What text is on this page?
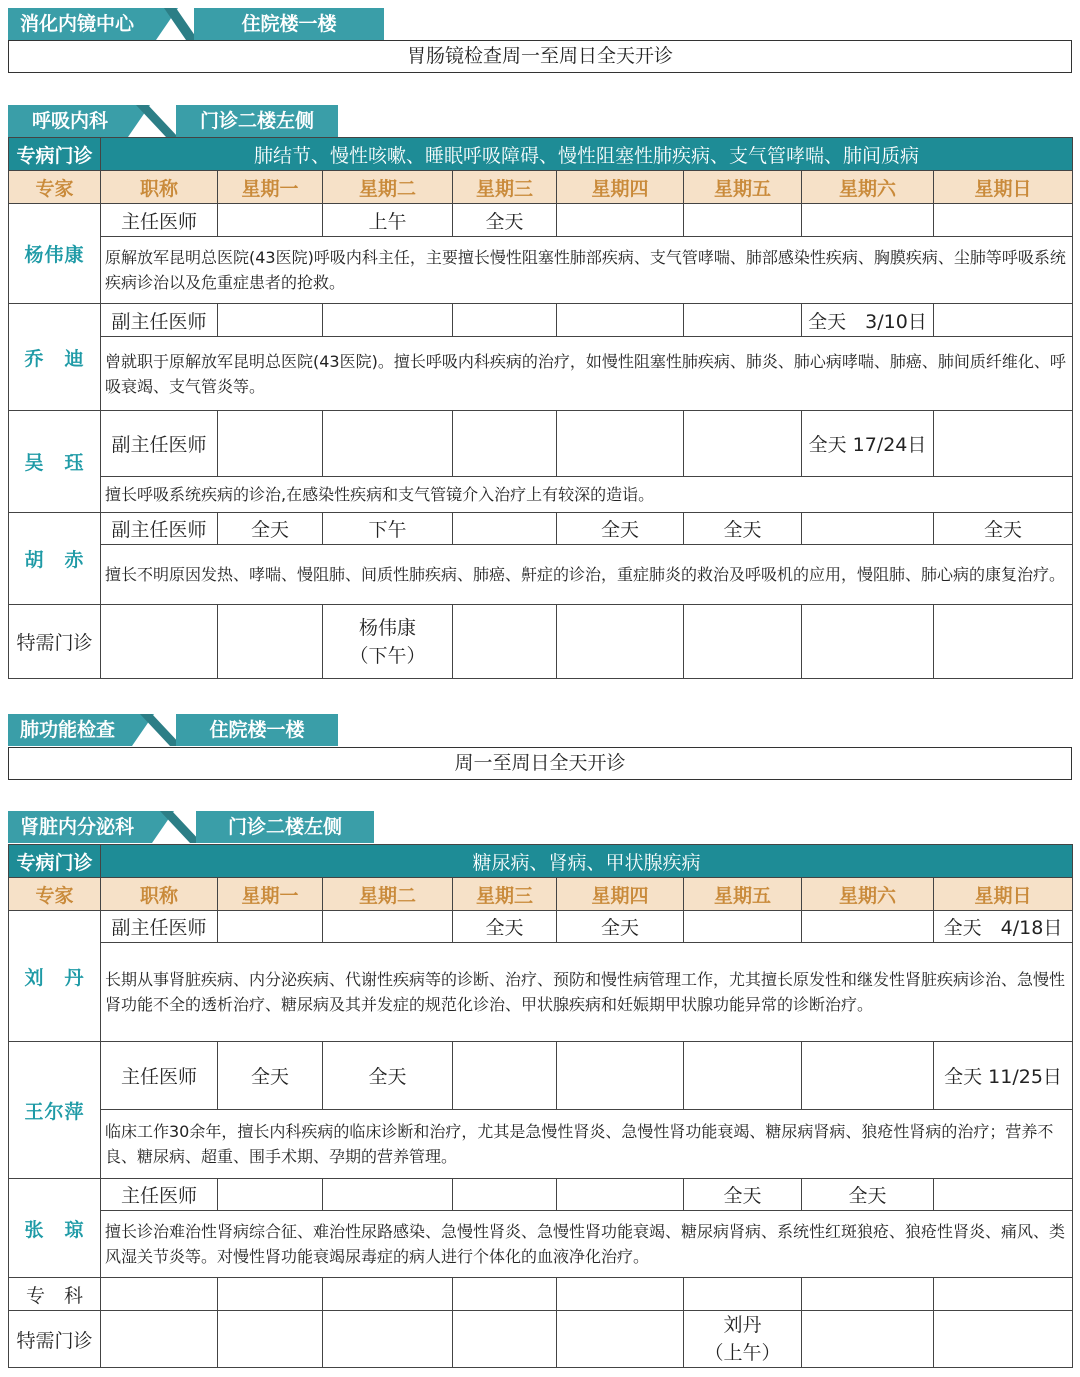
消化内镜中心	住院楼一楼
胃肠镜检查周一至周日全天开诊
呼吸内科	门诊二楼左侧
专病门诊	肺结节、慢性咳嗽、睡眠呼吸障碍、慢性阻塞性肺疾病、支气管哮喘、肺间质病							
专家	职称	星期一	星期二	星期三	星期四	星期五	星期六	星期日
杨伟康	主任医师		上午	全天				
	原解放军昆明总医院(43医院)呼吸内科主任，主要擅长慢性阻塞性肺部疾病、支气管哮喘、肺部感染性疾病、胸膜疾病、尘肺等呼吸系统疾病诊治以及危重症患者的抢救。							
乔　迪	副主任医师						全天　3/10日	
	曾就职于原解放军昆明总医院(43医院)。擅长呼吸内科疾病的治疗，如慢性阻塞性肺疾病、肺炎、肺心病哮喘、肺癌、肺间质纤维化、呼吸衰竭、支气管炎等。							
吴　珏	副主任医师						全天 17/24日	
	擅长呼吸系统疾病的诊治,在感染性疾病和支气管镜介入治疗上有较深的造诣。							
胡　赤	副主任医师	全天	下午		全天	全天		全天
	擅长不明原因发热、哮喘、慢阻肺、间质性肺疾病、肺癌、鼾症的诊治，重症肺炎的救治及呼吸机的应用，慢阻肺、肺心病的康复治疗。							
特需门诊			杨伟康
（下午）					

肺功能检查	住院楼一楼
周一至周日全天开诊
肾脏内分泌科	门诊二楼左侧
专病门诊	糖尿病、肾病、甲状腺疾病							
专家	职称	星期一	星期二	星期三	星期四	星期五	星期六	星期日
刘　丹	副主任医师			全天	全天			全天　4/18日
	长期从事肾脏疾病、内分泌疾病、代谢性疾病等的诊断、治疗、预防和慢性病管理工作，尤其擅长原发性和继发性肾脏疾病诊治、急慢性肾功能不全的透析治疗、糖尿病及其并发症的规范化诊治、甲状腺疾病和妊娠期甲状腺功能异常的诊断治疗。							
王尔萍	主任医师	全天	全天					全天 11/25日
	临床工作30余年，擅长内科疾病的临床诊断和治疗，尤其是急慢性肾炎、急慢性肾功能衰竭、糖尿病肾病、狼疮性肾病的治疗；营养不良、糖尿病、超重、围手术期、孕期的营养管理。							
张　琼	主任医师					全天	全天	
	擅长诊治难治性肾病综合征、难治性尿路感染、急慢性肾炎、急慢性肾功能衰竭、糖尿病肾病、系统性红斑狼疮、狼疮性肾炎、痛风、类风湿关节炎等。对慢性肾功能衰竭尿毒症的病人进行个体化的血液净化治疗。							
专　科								
特需门诊						刘丹
（上午）		
